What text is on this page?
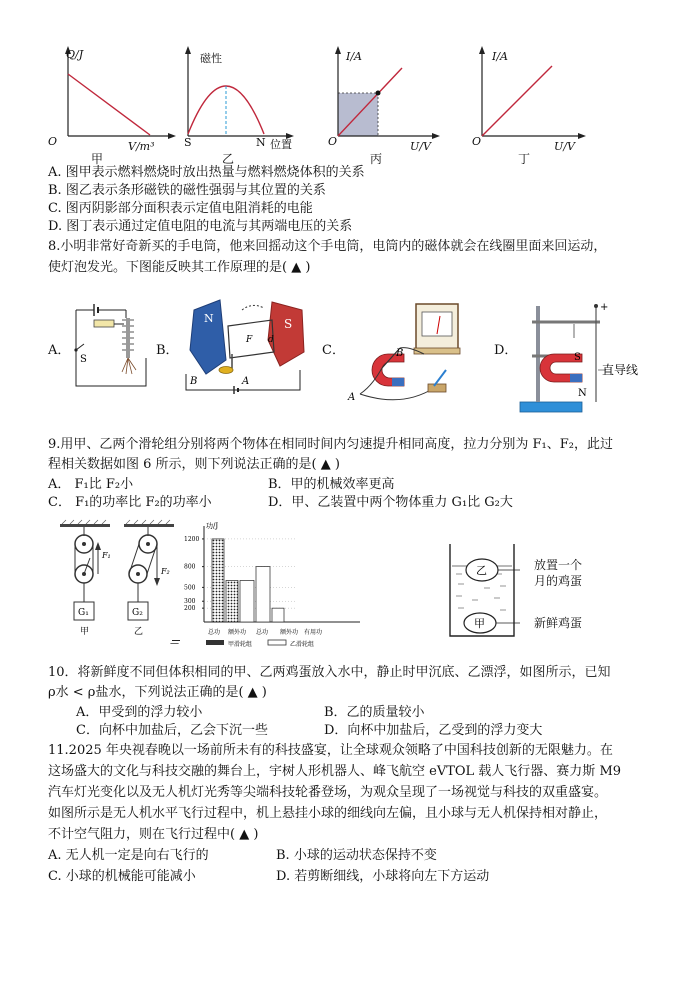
Q/J
O	V/m³
甲
磁性
S	N 位置
乙
I/A
O	U/V
丙
I/A
O	U/V
丁
A. 图甲表示燃料燃烧时放出热量与燃料燃烧体积的关系
B. 图乙表示条形磁铁的磁性强弱与其位置的关系
C. 图丙阴影部分面积表示定值电阻消耗的电能
D. 图丁表示通过定值电阻的电流与其两端电压的关系
8.小明非常好奇新买的手电筒，他来回摇动这个手电筒，电筒内的磁体就会在线圈里面来回运动，
使灯泡发光。下图能反映其工作原理的是( ▲ )
A．
S
B．
N	S
F d
B	A
C．	B
A
D．
+
S
N
直导线
9.用甲、乙两个滑轮组分别将两个物体在相同时间内匀速提升相同高度，拉力分别为 F₁、F₂，此过
程相关数据如图 6 所示，则下列说法正确的是( ▲ )
A． F₁比 F₂小	B．甲的机械效率更高
C． F₁的功率比 F₂的功率小	D．甲、乙装置中两个物体重力 G₁比 G₂大
G₁
F₁
甲
G₂
F₂
乙
功/J
200
300
500
800
1200
总功 额外功 总功 额外功 有用功
甲滑轮组	乙滑轮组
—
乙
甲
放置一个
月的鸡蛋
新鲜鸡蛋
10．将新鲜度不同但体积相同的甲、乙两鸡蛋放入水中，静止时甲沉底、乙漂浮，如图所示，已知
ρ水 < ρ盐水，下列说法正确的是( ▲ )
A．甲受到的浮力较小	B．乙的质量较小
C．向杯中加盐后，乙会下沉一些	D．向杯中加盐后，乙受到的浮力变大
11.2025 年央视春晚以一场前所未有的科技盛宴，让全球观众领略了中国科技创新的无限魅力。在
这场盛大的文化与科技交融的舞台上，宇树人形机器人、峰飞航空 eVTOL 载人飞行器、赛力斯 M9
汽车灯光变化以及无人机灯光秀等尖端科技轮番登场，为观众呈现了一场视觉与科技的双重盛宴。
如图所示是无人机水平飞行过程中，机上悬挂小球的细线向左偏，且小球与无人机保持相对静止，
不计空气阻力，则在飞行过程中( ▲ )
A. 无人机一定是向右飞行的	B. 小球的运动状态保持不变
C. 小球的机械能可能减小	D. 若剪断细线，小球将向左下方运动
